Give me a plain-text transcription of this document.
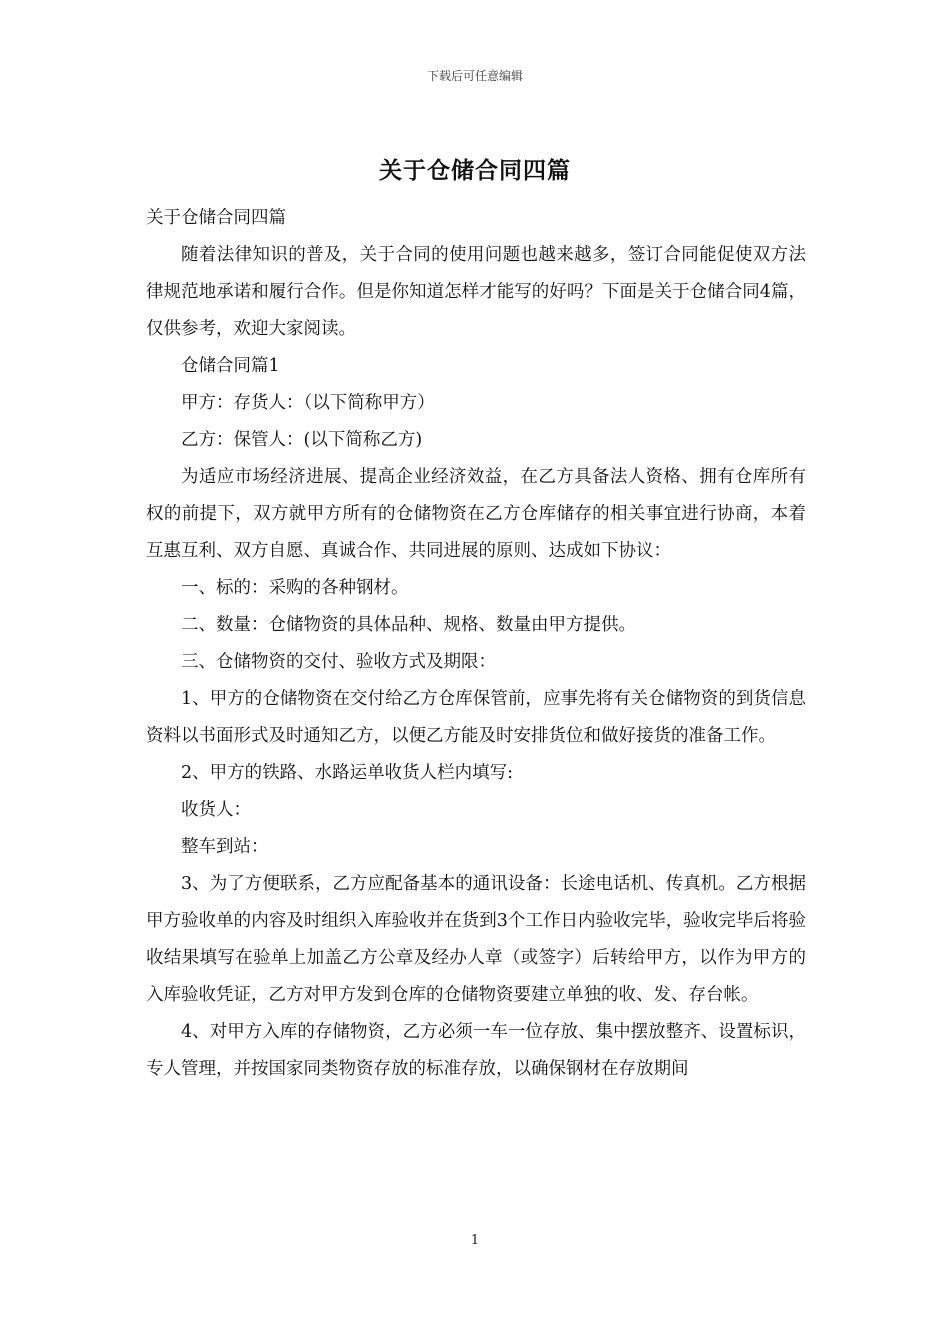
下载后可任意编辑
关于仓储合同四篇

关于仓储合同四篇

随着法律知识的普及，关于合同的使用问题也越来越多，签订合同能促使双方法律规范地承诺和履行合作。但是你知道怎样才能写的好吗？下面是关于仓储合同4篇，仅供参考，欢迎大家阅读。

仓储合同篇1

甲方：存货人：（以下简称甲方）

乙方：保管人：(以下简称乙方)

为适应市场经济进展、提高企业经济效益，在乙方具备法人资格、拥有仓库所有权的前提下，双方就甲方所有的仓储物资在乙方仓库储存的相关事宜进行协商，本着互惠互利、双方自愿、真诚合作、共同进展的原则、达成如下协议：

一、标的：采购的各种钢材。

二、数量：仓储物资的具体品种、规格、数量由甲方提供。

三、仓储物资的交付、验收方式及期限：

1、甲方的仓储物资在交付给乙方仓库保管前，应事先将有关仓储物资的到货信息资料以书面形式及时通知乙方，以便乙方能及时安排货位和做好接货的准备工作。

2、甲方的铁路、水路运单收货人栏内填写:

收货人：

整车到站：

3、为了方便联系，乙方应配备基本的通讯设备：长途电话机、传真机。乙方根据甲方验收单的内容及时组织入库验收并在货到3个工作日内验收完毕，验收完毕后将验收结果填写在验单上加盖乙方公章及经办人章（或签字）后转给甲方，以作为甲方的入库验收凭证，乙方对甲方发到仓库的仓储物资要建立单独的收、发、存台帐。

4、对甲方入库的存储物资，乙方必须一车一位存放、集中摆放整齐、设置标识，专人管理，并按国家同类物资存放的标准存放，以确保钢材在存放期间

1
